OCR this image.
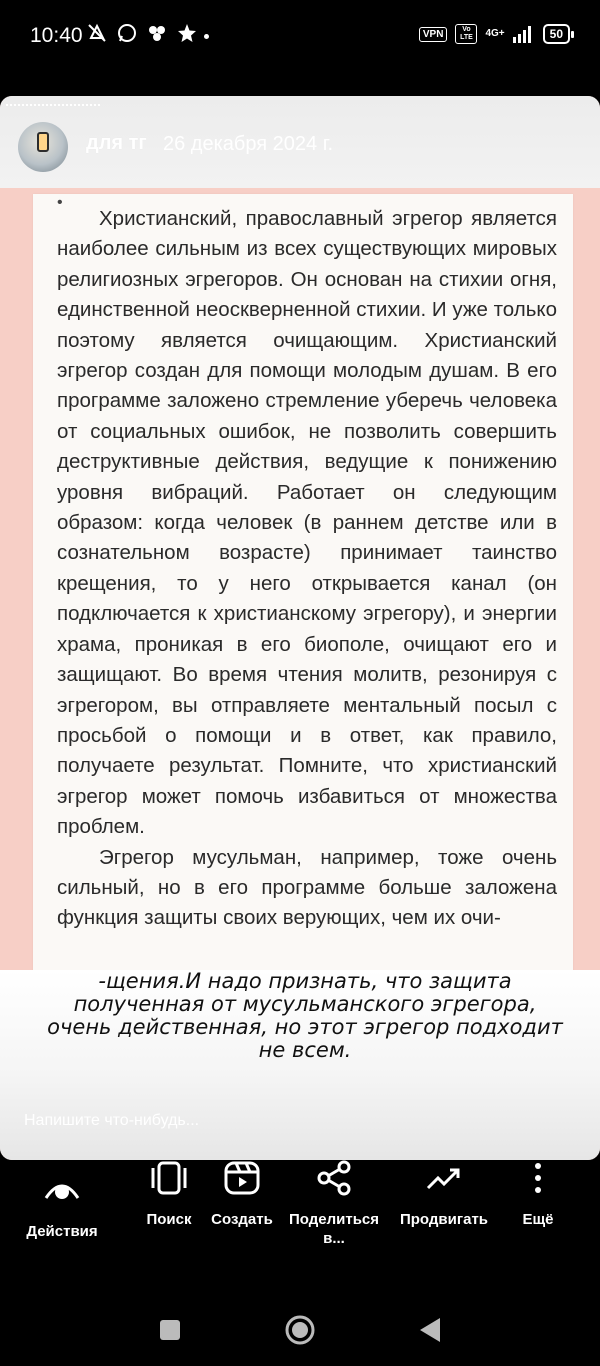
10:40	VPN	Vo LTE	4G+	50
для тг 26 декабря 2024 г.
•

Христианский, православный эгрегор является наиболее сильным из всех существующих мировых религиозных эгрегоров. Он основан на стихии огня, единственной неоскверненной стихии. И уже только поэтому является очищающим. Христианский эгрегор создан для помощи молодым душам. В его программе заложено стремление уберечь человека от социальных ошибок, не позволить совершить деструктивные действия, ведущие к понижению уровня вибраций. Работает он следующим образом: когда человек (в раннем детстве или в сознательном возрасте) принимает таинство крещения, то у него открывается канал (он подключается к христианскому эгрегору), и энергии храма, проникая в его биополе, очищают его и защищают. Во время чтения молитв, резонируя с эгрегором, вы отправляете ментальный посыл с просьбой о помощи и в ответ, как правило, получаете результат. Помните, что христианский эгрегор может помочь избавиться от множества проблем.

Эгрегор мусульман, например, тоже очень сильный, но в его программе больше заложена функция защиты своих верующих, чем их очи-

-щения.И надо признать, что защита полученная от мусульманского эгрегора, очень действенная, но этот эгрегор подходит не всем.
Напишите что-нибудь...
Действия
Поиск	Создать	Поделиться в...
Продвигать	Ещё
